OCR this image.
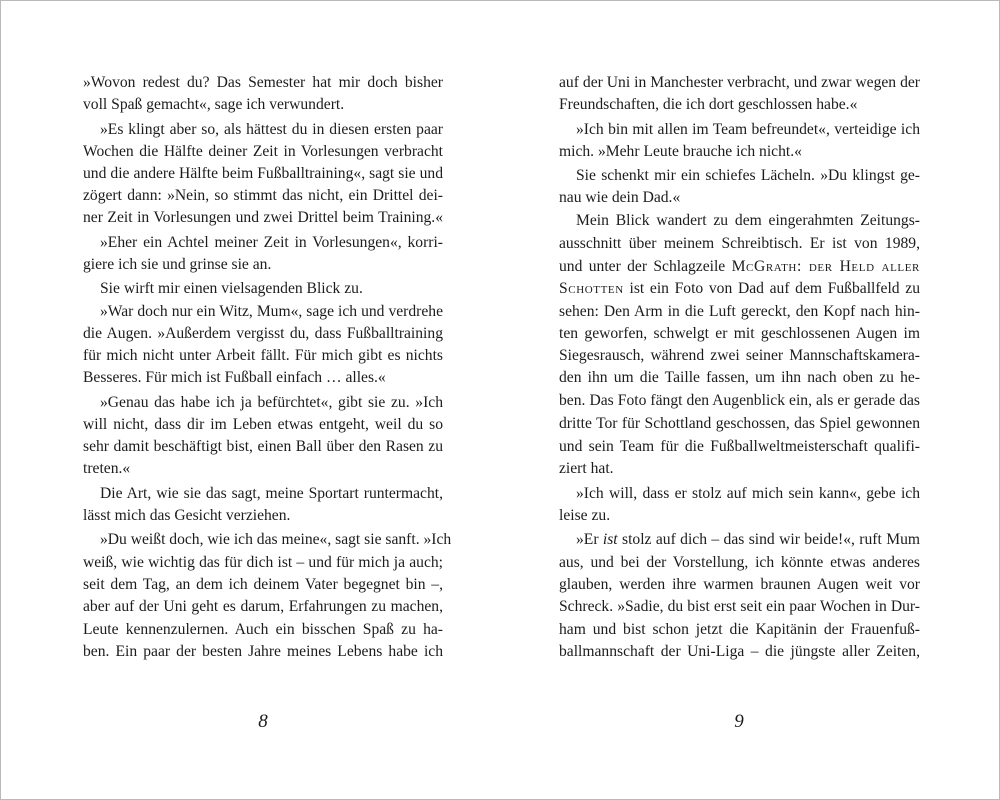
»Wovon redest du? Das Semester hat mir doch bisher
voll Spaß gemacht«, sage ich verwundert.
»Es klingt aber so, als hättest du in diesen ersten paar
Wochen die Hälfte deiner Zeit in Vorlesungen verbracht
und die andere Hälfte beim Fußballtraining«, sagt sie und
zögert dann: »Nein, so stimmt das nicht, ein Drittel dei-
ner Zeit in Vorlesungen und zwei Drittel beim Training.«
»Eher ein Achtel meiner Zeit in Vorlesungen«, korri-
giere ich sie und grinse sie an.
Sie wirft mir einen vielsagenden Blick zu.
»War doch nur ein Witz, Mum«, sage ich und verdrehe
die Augen. »Außerdem vergisst du, dass Fußballtraining
für mich nicht unter Arbeit fällt. Für mich gibt es nichts
Besseres. Für mich ist Fußball einfach … alles.«
»Genau das habe ich ja befürchtet«, gibt sie zu. »Ich
will nicht, dass dir im Leben etwas entgeht, weil du so
sehr damit beschäftigt bist, einen Ball über den Rasen zu
treten.«
Die Art, wie sie das sagt, meine Sportart runtermacht,
lässt mich das Gesicht verziehen.
»Du weißt doch, wie ich das meine«, sagt sie sanft. »Ich
weiß, wie wichtig das für dich ist – und für mich ja auch;
seit dem Tag, an dem ich deinem Vater begegnet bin –,
aber auf der Uni geht es darum, Erfahrungen zu machen,
Leute kennenzulernen. Auch ein bisschen Spaß zu ha-
ben. Ein paar der besten Jahre meines Lebens habe ich
8
auf der Uni in Manchester verbracht, und zwar wegen der
Freundschaften, die ich dort geschlossen habe.«
»Ich bin mit allen im Team befreundet«, verteidige ich
mich. »Mehr Leute brauche ich nicht.«
Sie schenkt mir ein schiefes Lächeln. »Du klingst ge-
nau wie dein Dad.«
Mein Blick wandert zu dem eingerahmten Zeitungs-
ausschnitt über meinem Schreibtisch. Er ist von 1989,
und unter der Schlagzeile McGrath: der Held aller
Schotten ist ein Foto von Dad auf dem Fußballfeld zu
sehen: Den Arm in die Luft gereckt, den Kopf nach hin-
ten geworfen, schwelgt er mit geschlossenen Augen im
Siegesrausch, während zwei seiner Mannschaftskamera-
den ihn um die Taille fassen, um ihn nach oben zu he-
ben. Das Foto fängt den Augenblick ein, als er gerade das
dritte Tor für Schottland geschossen, das Spiel gewonnen
und sein Team für die Fußballweltmeisterschaft qualifi-
ziert hat.
»Ich will, dass er stolz auf mich sein kann«, gebe ich
leise zu.
»Er ist stolz auf dich – das sind wir beide!«, ruft Mum
aus, und bei der Vorstellung, ich könnte etwas anderes
glauben, werden ihre warmen braunen Augen weit vor
Schreck. »Sadie, du bist erst seit ein paar Wochen in Dur-
ham und bist schon jetzt die Kapitänin der Frauenfuß-
ballmannschaft der Uni-Liga – die jüngste aller Zeiten,
9
